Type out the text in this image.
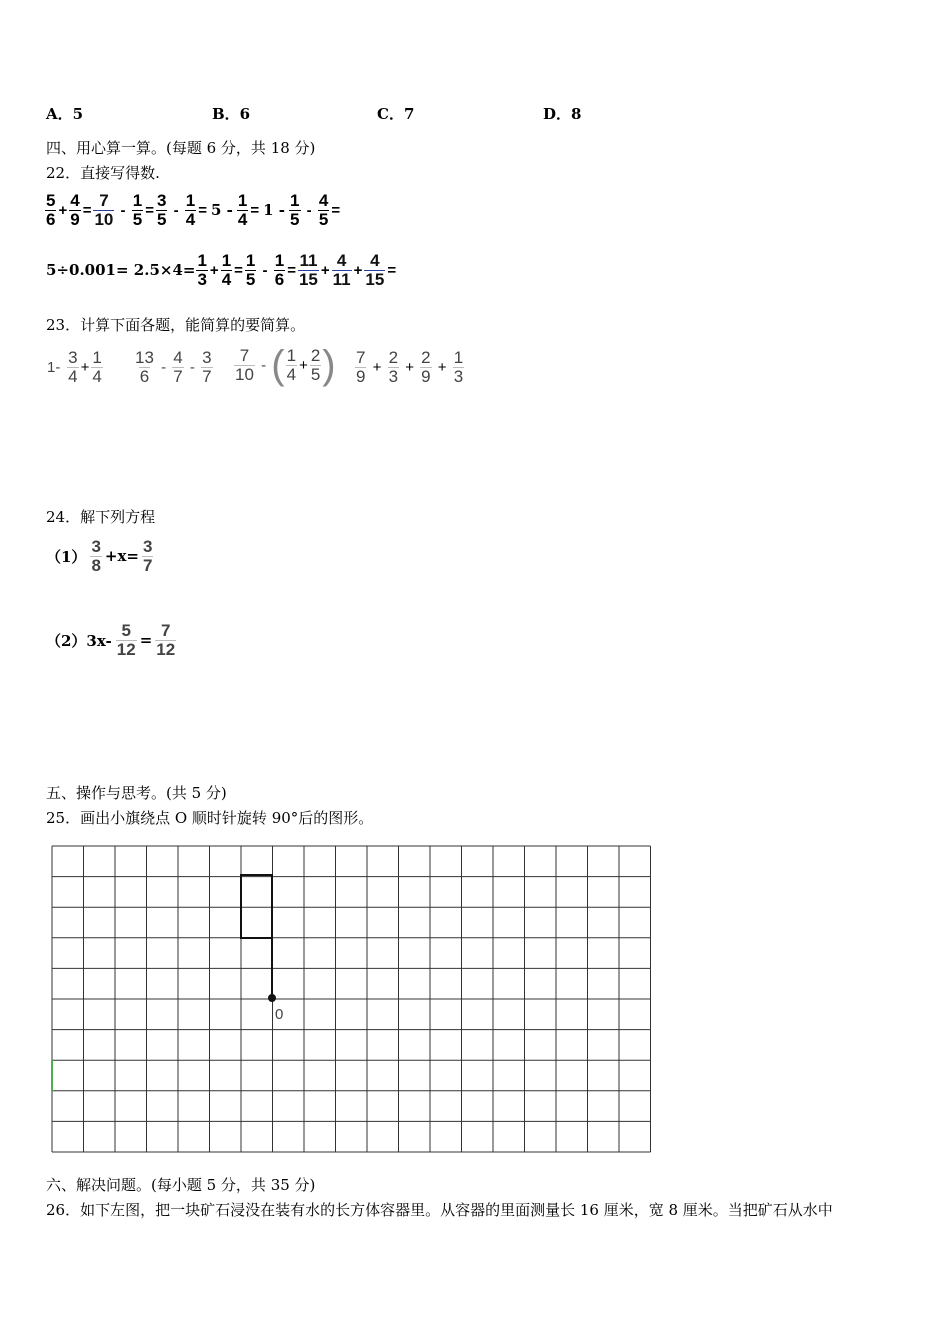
A．5	B．6	C．7	D．8
四、用心算一算。(每题 6 分，共 18 分)
22．直接写得数.
$\frac{5}{6} + \frac{4}{9} = \frac{7}{10} - \frac{1}{5} = \frac{3}{5} - \frac{1}{4} = 5 - \frac{1}{4} = 1 - \frac{1}{5} - \frac{4}{5}$ =
5÷0.001=
$2.5\times 4= \frac{1}{3} + \frac{1}{4} = \frac{1}{5} - \frac{1}{6} = \frac{11}{15} + \frac{4}{11} + \frac{4}{15}$ =
23．计算下面各题，能简算的要简算。
1-
$\frac{3}{4} + \frac{1}{4} \frac{13}{6} - \frac{4}{7} - \frac{3}{7} \frac{7}{10}$ - ( $\frac{1}{4} + \frac{2}{5}$ ) $\frac{7}{9} + \frac{2}{3} + \frac{2}{9} + \frac{1}{3}$
24．解下列方程
$(1) \frac{3}{8} +x= \frac{3}{7}$
$(2)3x- \frac{5}{12} = \frac{7}{12}$
五、操作与思考。(共 5 分)
25．画出小旗绕点 O 顺时针旋转 90°后的图形。
0
六、解决问题。(每小题 5 分，共 35 分)
26．如下左图，把一块矿石浸没在装有水的长方体容器里。从容器的里面测量长 16 厘米，宽 8 厘米。当把矿石从水中
